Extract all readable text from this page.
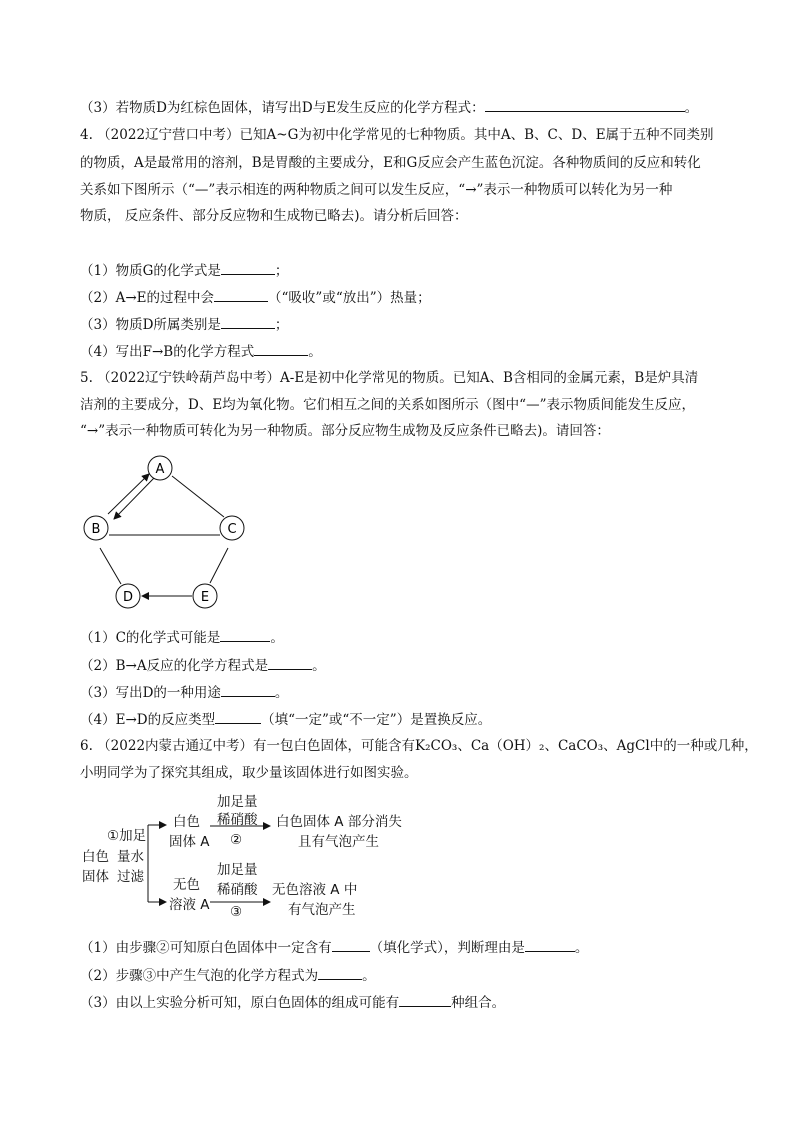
（3）若物质D为红棕色固体，请写出D与E发生反应的化学方程式：	。
4. （2022辽宁营口中考）已知A~G为初中化学常见的七种物质。其中A、B、C、D、E属于五种不同类别
的物质，A是最常用的溶剂，B是胃酸的主要成分，E和G反应会产生蓝色沉淀。各种物质间的反应和转化
关系如下图所示（“—”表示相连的两种物质之间可以发生反应，“→”表示一种物质可以转化为另一种
物质， 反应条件、部分反应物和生成物已略去)。请分析后回答：
（1）物质G的化学式是	；
（2）A→E的过程中会	（“吸收”或“放出”）热量；
（3）物质D所属类别是	；
（4）写出F→B的化学方程式	。
5. （2022辽宁铁岭葫芦岛中考）A-E是初中化学常见的物质。已知A、B含相同的金属元素，B是炉具清
洁剂的主要成分，D、E均为氧化物。它们相互之间的关系如图所示（图中“—”表示物质间能发生反应，
“→”表示一种物质可转化为另一种物质。部分反应物生成物及反应条件已略去)。请回答：
A
B	C
D	E
（1）C的化学式可能是	。
（2）B→A反应的化学方程式是	。
（3）写出D的一种用途	。
（4）E→D的反应类型	（填“一定”或“不一定”）是置换反应。
6. （2022内蒙古通辽中考）有一包白色固体，可能含有K₂CO₃、Ca（OH）₂、CaCO₃、AgCl中的一种或几种，
小明同学为了探究其组成，取少量该固体进行如图实验。
①加足
白色 量水
固体 过滤
白色
固体 A
加足量
稀硝酸
②
白色固体 A 部分消失
且有气泡产生
无色
溶液 A
加足量
稀硝酸
③
无色溶液 A 中
有气泡产生
（1）由步骤②可知原白色固体中一定含有	（填化学式），判断理由是	。
（2）步骤③中产生气泡的化学方程式为	。
（3）由以上实验分析可知，原白色固体的组成可能有	种组合。
